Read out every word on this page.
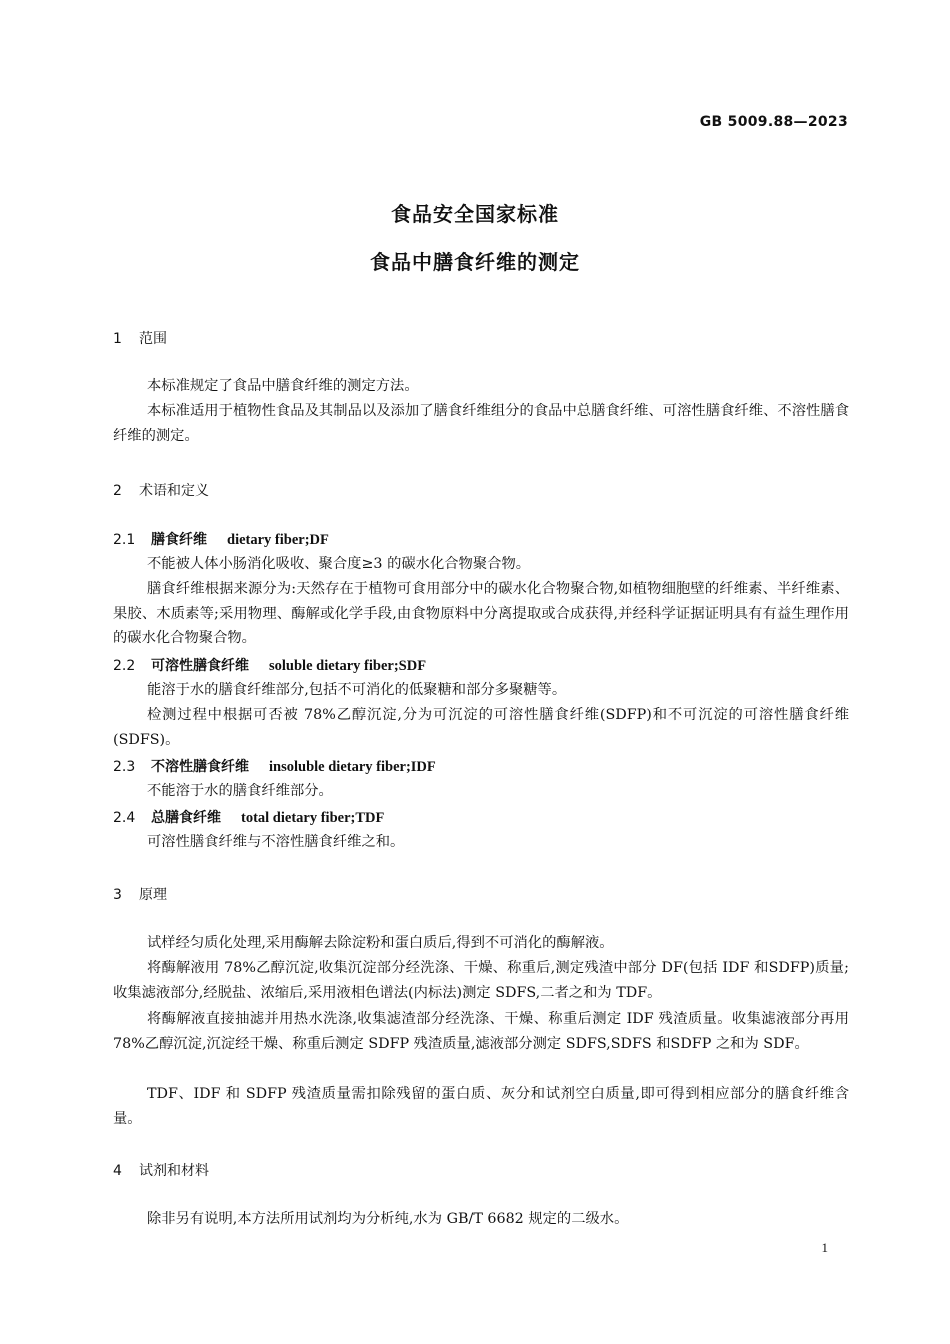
GB 5009.88—2023
食品安全国家标准
食品中膳食纤维的测定
1 范围
本标准规定了食品中膳食纤维的测定方法。
本标准适用于植物性食品及其制品以及添加了膳食纤维组分的食品中总膳食纤维、可溶性膳食纤维、不溶性膳食纤维的测定。
2 术语和定义
2.1 膳食纤维 dietary fiber;DF
不能被人体小肠消化吸收、聚合度≥3 的碳水化合物聚合物。
膳食纤维根据来源分为:天然存在于植物可食用部分中的碳水化合物聚合物,如植物细胞壁的纤维素、半纤维素、果胶、木质素等;采用物理、酶解或化学手段,由食物原料中分离提取或合成获得,并经科学证据证明具有有益生理作用的碳水化合物聚合物。
2.2 可溶性膳食纤维 soluble dietary fiber;SDF
能溶于水的膳食纤维部分,包括不可消化的低聚糖和部分多聚糖等。
检测过程中根据可否被 78%乙醇沉淀,分为可沉淀的可溶性膳食纤维(SDFP)和不可沉淀的可溶性膳食纤维(SDFS)。
2.3 不溶性膳食纤维 insoluble dietary fiber;IDF
不能溶于水的膳食纤维部分。
2.4 总膳食纤维 total dietary fiber;TDF
可溶性膳食纤维与不溶性膳食纤维之和。
3 原理
试样经匀质化处理,采用酶解去除淀粉和蛋白质后,得到不可消化的酶解液。
将酶解液用 78%乙醇沉淀,收集沉淀部分经洗涤、干燥、称重后,测定残渣中部分 DF(包括 IDF 和SDFP)质量;收集滤液部分,经脱盐、浓缩后,采用液相色谱法(内标法)测定 SDFS,二者之和为 TDF。
将酶解液直接抽滤并用热水洗涤,收集滤渣部分经洗涤、干燥、称重后测定 IDF 残渣质量。收集滤液部分再用 78%乙醇沉淀,沉淀经干燥、称重后测定 SDFP 残渣质量,滤液部分测定 SDFS,SDFS 和SDFP 之和为 SDF。
TDF、IDF 和 SDFP 残渣质量需扣除残留的蛋白质、灰分和试剂空白质量,即可得到相应部分的膳食纤维含量。
4 试剂和材料
除非另有说明,本方法所用试剂均为分析纯,水为 GB/T 6682 规定的二级水。
1
